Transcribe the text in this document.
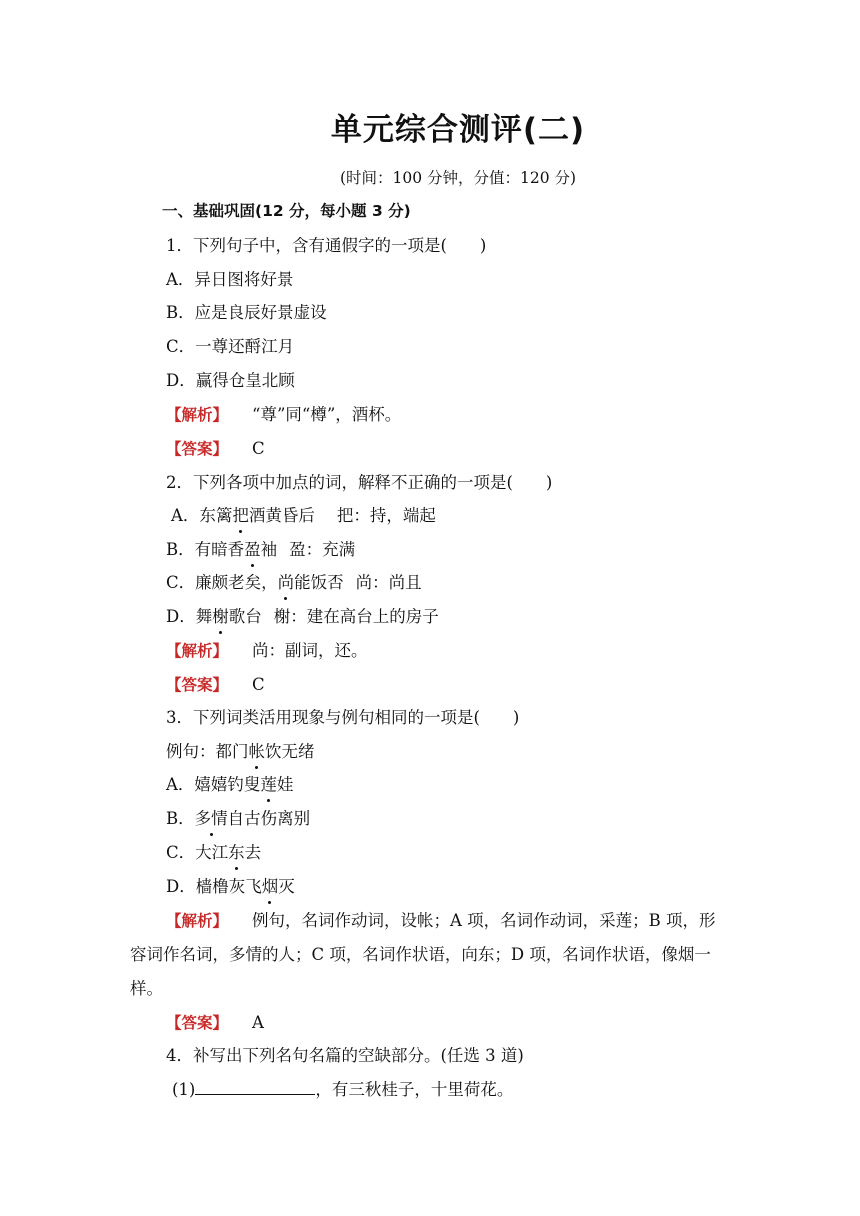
单元综合测评(二)
(时间：100 分钟，分值：120 分)
一、基础巩固(12 分，每小题 3 分)
1．下列句子中，含有通假字的一项是(　　)
A．异日图将好景
B．应是良辰好景虚设
C．一尊还酹江月
D．赢得仓皇北顾
【解析】 “尊”同“樽”，酒杯。
【答案】 C
2．下列各项中加点的词，解释不正确的一项是(　　)
A．东篱把酒黄昏后 把：持，端起
B．有暗香盈袖 盈：充满
C．廉颇老矣，尚能饭否 尚：尚且
D．舞榭歌台 榭：建在高台上的房子
【解析】 尚：副词，还。
【答案】 C
3．下列词类活用现象与例句相同的一项是(　　)
例句：都门帐饮无绪
A．嬉嬉钓叟莲娃
B．多情自古伤离别
C．大江东去
D．樯橹灰飞烟灭
【解析】 例句，名词作动词，设帐；A 项，名词作动词，采莲；B 项，形
容词作名词，多情的人；C 项，名词作状语，向东；D 项，名词作状语，像烟一
样。
【答案】 A
4．补写出下列名句名篇的空缺部分。(任选 3 道)
(1)	，有三秋桂子，十里荷花。
